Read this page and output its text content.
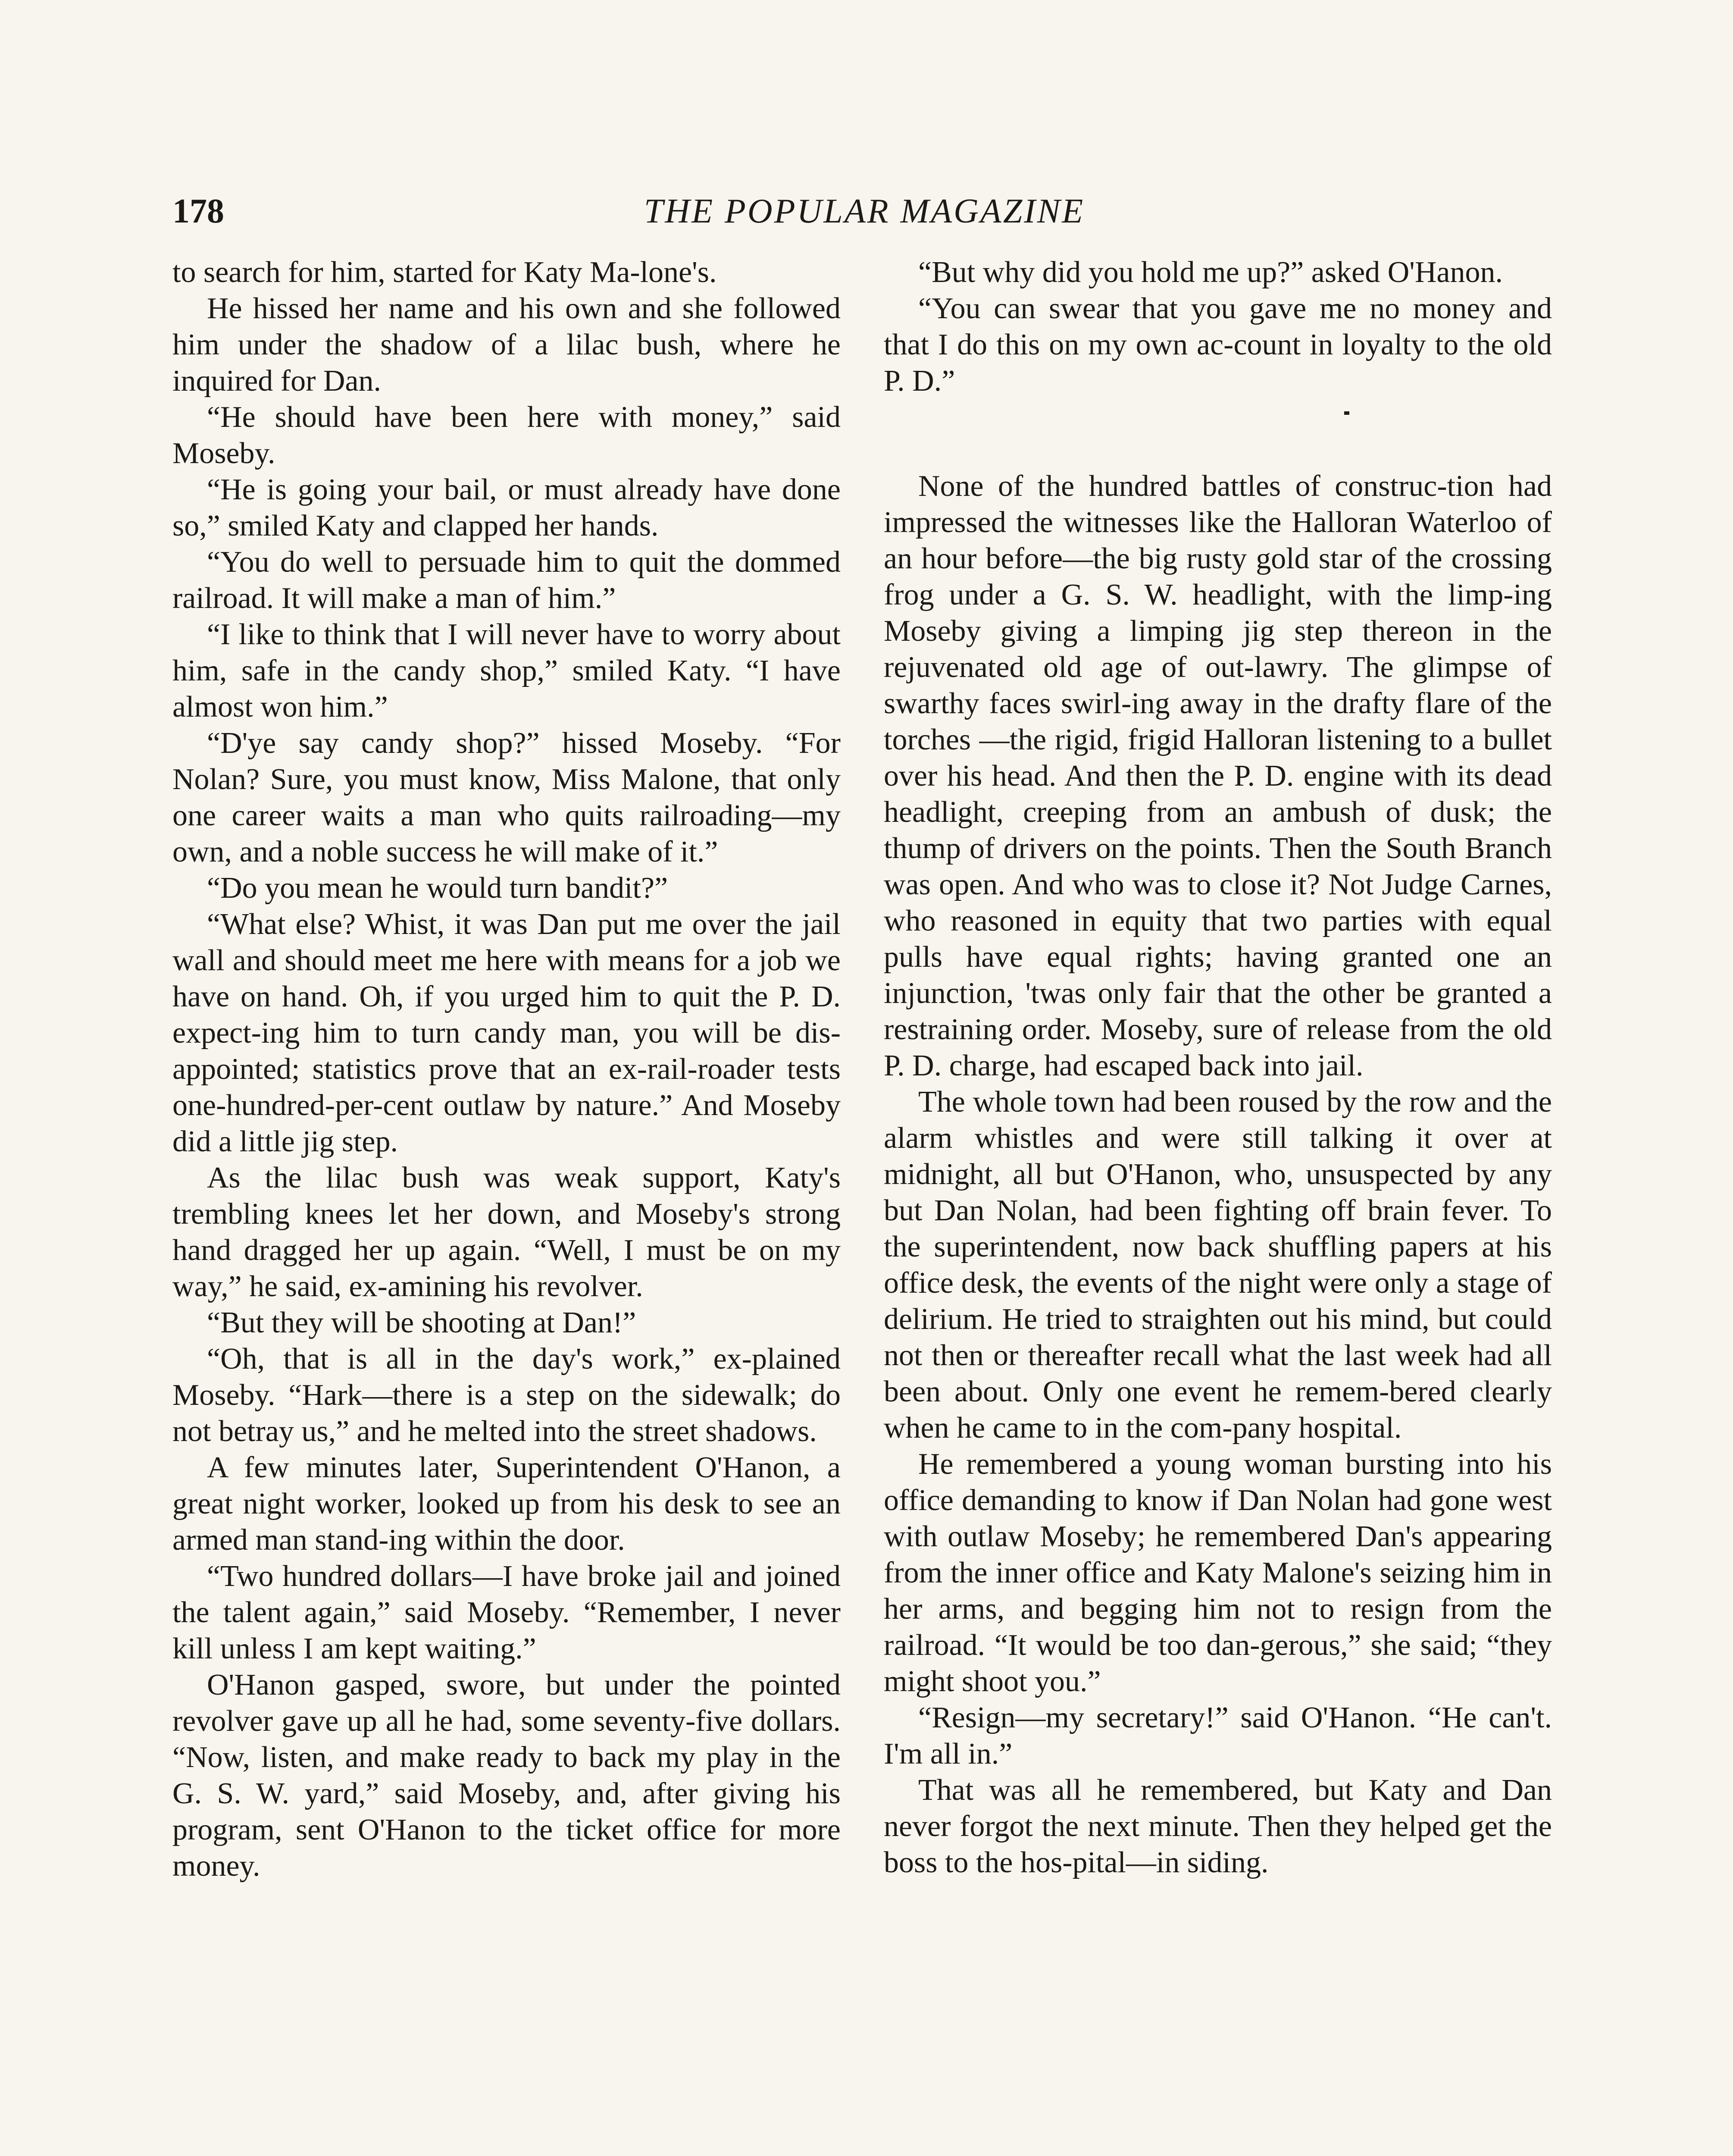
178	THE POPULAR MAGAZINE

to search for him, started for Katy Ma-lone's.

He hissed her name and his own and she followed him under the shadow of a lilac bush, where he inquired for Dan.

“He should have been here with money,” said Moseby.

“He is going your bail, or must already have done so,” smiled Katy and clapped her hands.

“You do well to persuade him to quit the dommed railroad. It will make a man of him.”

“I like to think that I will never have to worry about him, safe in the candy shop,” smiled Katy. “I have almost won him.”

“D'ye say candy shop?” hissed Moseby. “For Nolan? Sure, you must know, Miss Malone, that only one career waits a man who quits railroading—my own, and a noble success he will make of it.”

“Do you mean he would turn bandit?”

“What else? Whist, it was Dan put me over the jail wall and should meet me here with means for a job we have on hand. Oh, if you urged him to quit the P. D. expect-ing him to turn candy man, you will be dis-appointed; statistics prove that an ex-rail-roader tests one-hundred-per-cent outlaw by nature.” And Moseby did a little jig step.

As the lilac bush was weak support, Katy's trembling knees let her down, and Moseby's strong hand dragged her up again. “Well, I must be on my way,” he said, ex-amining his revolver.

“But they will be shooting at Dan!”

“Oh, that is all in the day's work,” ex-plained Moseby. “Hark—there is a step on the sidewalk; do not betray us,” and he melted into the street shadows.

A few minutes later, Superintendent O'Hanon, a great night worker, looked up from his desk to see an armed man stand-ing within the door.

“Two hundred dollars—I have broke jail and joined the talent again,” said Moseby. “Remember, I never kill unless I am kept waiting.”

O'Hanon gasped, swore, but under the pointed revolver gave up all he had, some seventy-five dollars. “Now, listen, and make ready to back my play in the G. S. W. yard,” said Moseby, and, after giving his program, sent O'Hanon to the ticket office for more money.

“But why did you hold me up?” asked O'Hanon.

“You can swear that you gave me no money and that I do this on my own ac-count in loyalty to the old P. D.”

None of the hundred battles of construc-tion had impressed the witnesses like the Halloran Waterloo of an hour before—the big rusty gold star of the crossing frog under a G. S. W. headlight, with the limp-ing Moseby giving a limping jig step thereon in the rejuvenated old age of out-lawry. The glimpse of swarthy faces swirl-ing away in the drafty flare of the torches —the rigid, frigid Halloran listening to a bullet over his head. And then the P. D. engine with its dead headlight, creeping from an ambush of dusk; the thump of drivers on the points. Then the South Branch was open. And who was to close it? Not Judge Carnes, who reasoned in equity that two parties with equal pulls have equal rights; having granted one an injunction, 'twas only fair that the other be granted a restraining order. Moseby, sure of release from the old P. D. charge, had escaped back into jail.

The whole town had been roused by the row and the alarm whistles and were still talking it over at midnight, all but O'Hanon, who, unsuspected by any but Dan Nolan, had been fighting off brain fever. To the superintendent, now back shuffling papers at his office desk, the events of the night were only a stage of delirium. He tried to straighten out his mind, but could not then or thereafter recall what the last week had all been about. Only one event he remem-bered clearly when he came to in the com-pany hospital.

He remembered a young woman bursting into his office demanding to know if Dan Nolan had gone west with outlaw Moseby; he remembered Dan's appearing from the inner office and Katy Malone's seizing him in her arms, and begging him not to resign from the railroad. “It would be too dan-gerous,” she said; “they might shoot you.”

“Resign—my secretary!” said O'Hanon. “He can't. I'm all in.”

That was all he remembered, but Katy and Dan never forgot the next minute. Then they helped get the boss to the hos-pital—in siding.
